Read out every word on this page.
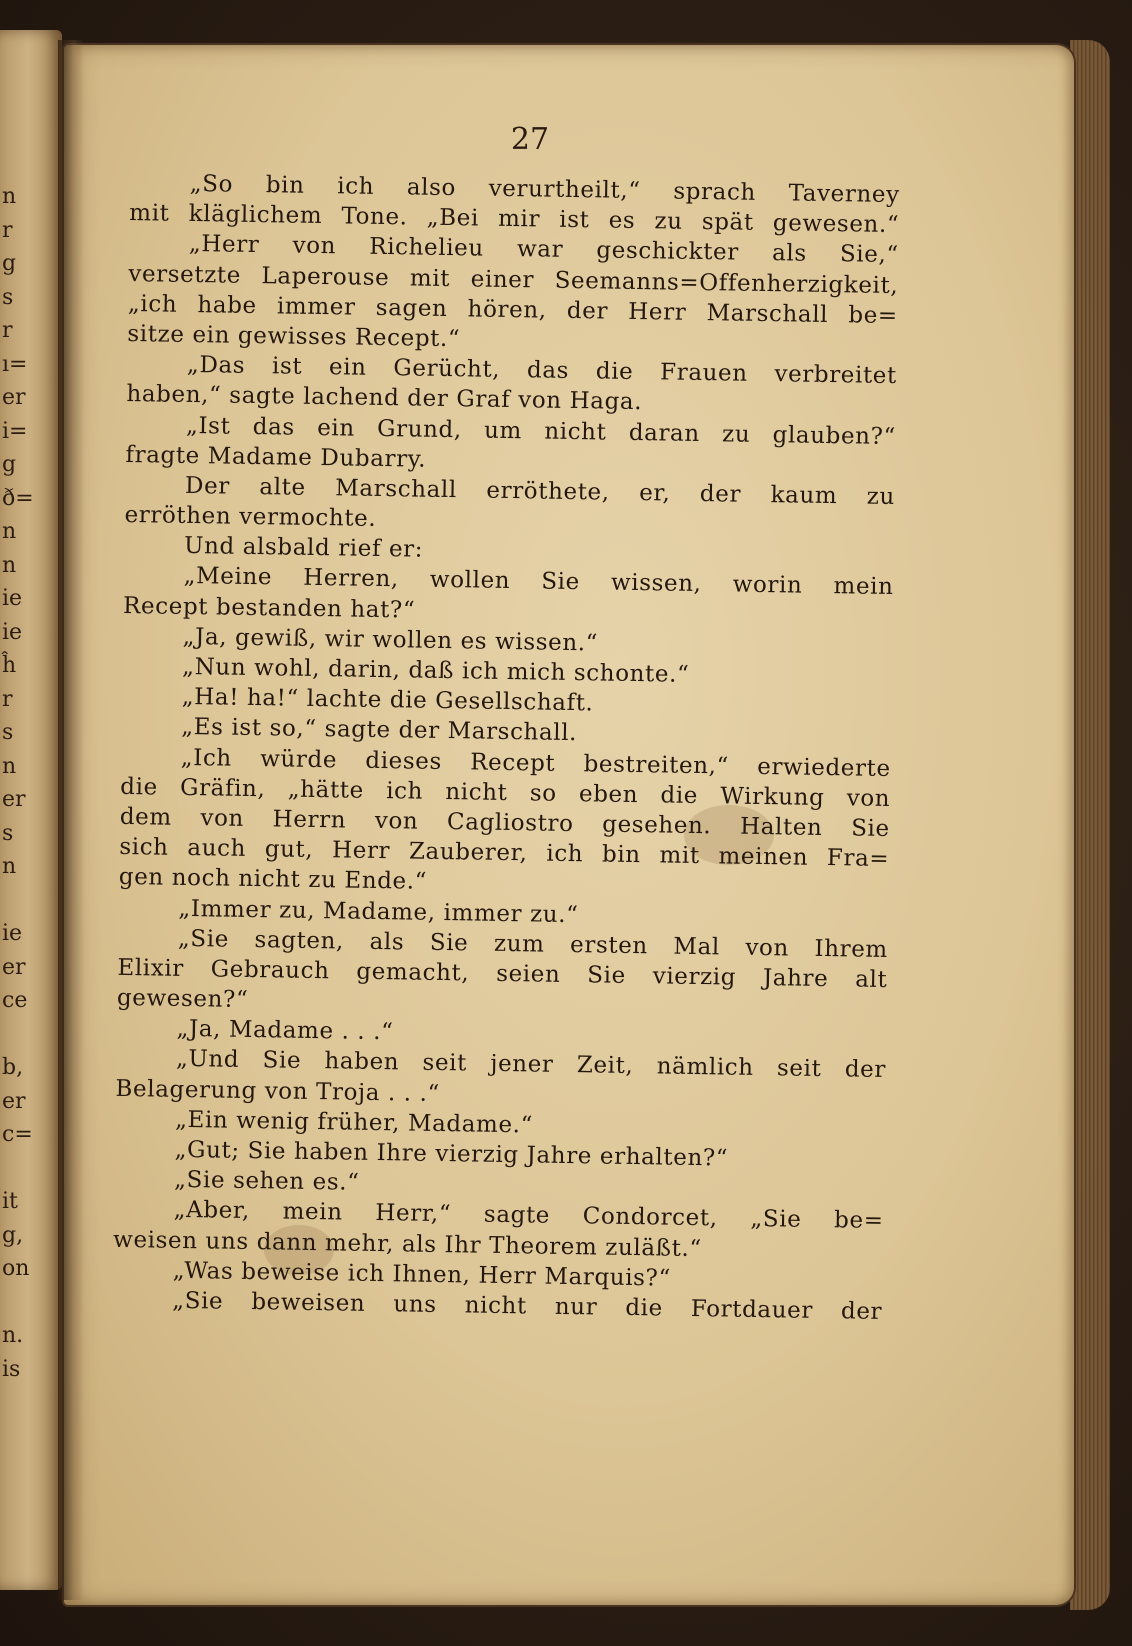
n
r
g
s
r
ı=
er
i=
g
ð=
n
n
ie
ie
ĥ
r
s
n
er
s
n
ie
er
ce
b,
er
c=
it
g,
on
n.
is

27

„So bin ich also verurtheilt,“ sprach Taverney
mit kläglichem Tone. „Bei mir ist es zu spät gewesen.“
„Herr von Richelieu war geschickter als Sie,“
versetzte Laperouse mit einer Seemanns=Offenherzigkeit,
„ich habe immer sagen hören, der Herr Marschall be=
sitze ein gewisses Recept.“
„Das ist ein Gerücht, das die Frauen verbreitet
haben,“ sagte lachend der Graf von Haga.
„Ist das ein Grund, um nicht daran zu glauben?“
fragte Madame Dubarry.
Der alte Marschall erröthete, er, der kaum zu
erröthen vermochte.
Und alsbald rief er:
„Meine Herren, wollen Sie wissen, worin mein
Recept bestanden hat?“
„Ja, gewiß, wir wollen es wissen.“
„Nun wohl, darin, daß ich mich schonte.“
„Ha! ha!“ lachte die Gesellschaft.
„Es ist so,“ sagte der Marschall.
„Ich würde dieses Recept bestreiten,“ erwiederte
die Gräfin, „hätte ich nicht so eben die Wirkung von
dem von Herrn von Cagliostro gesehen. Halten Sie
sich auch gut, Herr Zauberer, ich bin mit meinen Fra=
gen noch nicht zu Ende.“
„Immer zu, Madame, immer zu.“
„Sie sagten, als Sie zum ersten Mal von Ihrem
Elixir Gebrauch gemacht, seien Sie vierzig Jahre alt
gewesen?“
„Ja, Madame . . .“
„Und Sie haben seit jener Zeit, nämlich seit der
Belagerung von Troja . . .“
„Ein wenig früher, Madame.“
„Gut; Sie haben Ihre vierzig Jahre erhalten?“
„Sie sehen es.“
„Aber, mein Herr,“ sagte Condorcet, „Sie be=
weisen uns dann mehr, als Ihr Theorem zuläßt.“
„Was beweise ich Ihnen, Herr Marquis?“
„Sie beweisen uns nicht nur die Fortdauer der
